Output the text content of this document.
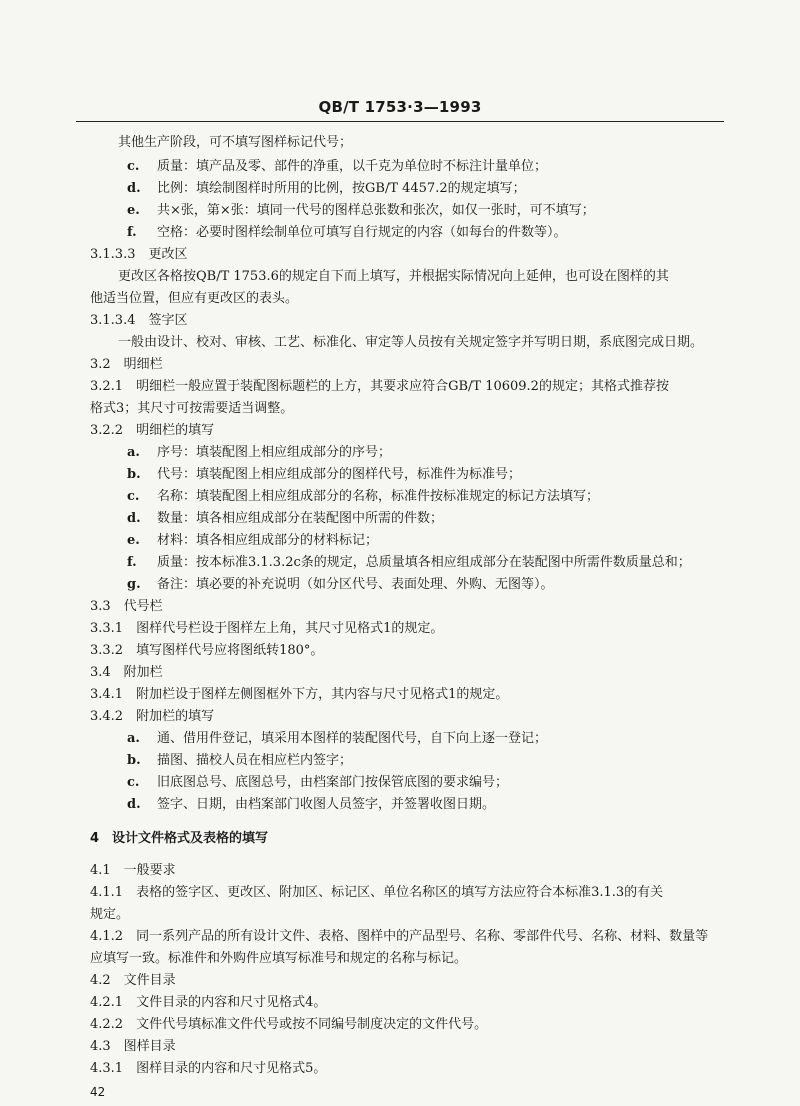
QB/T 1753·3—1993
其他生产阶段，可不填写图样标记代号；
c. 质量：填产品及零、部件的净重，以千克为单位时不标注计量单位；
d. 比例：填绘制图样时所用的比例，按GB/T 4457.2的规定填写；
e. 共×张，第×张：填同一代号的图样总张数和张次，如仅一张时，可不填写；
f. 空格：必要时图样绘制单位可填写自行规定的内容（如每台的件数等）。
3.1.3.3　更改区
更改区各格按QB/T 1753.6的规定自下而上填写，并根据实际情况向上延伸，也可设在图样的其
他适当位置，但应有更改区的表头。
3.1.3.4　签字区
一般由设计、校对、审核、工艺、标准化、审定等人员按有关规定签字并写明日期，系底图完成日期。
3.2　明细栏
3.2.1　明细栏一般应置于装配图标题栏的上方，其要求应符合GB/T 10609.2的规定；其格式推荐按
格式3；其尺寸可按需要适当调整。
3.2.2　明细栏的填写
a. 序号：填装配图上相应组成部分的序号；
b. 代号：填装配图上相应组成部分的图样代号，标准件为标准号；
c. 名称：填装配图上相应组成部分的名称，标准件按标准规定的标记方法填写；
d. 数量：填各相应组成部分在装配图中所需的件数；
e. 材料：填各相应组成部分的材料标记；
f. 质量：按本标准3.1.3.2c条的规定，总质量填各相应组成部分在装配图中所需件数质量总和；
g. 备注：填必要的补充说明（如分区代号、表面处理、外购、无图等）。
3.3　代号栏
3.3.1　图样代号栏设于图样左上角，其尺寸见格式1的规定。
3.3.2　填写图样代号应将图纸转180°。
3.4　附加栏
3.4.1　附加栏设于图样左侧图框外下方，其内容与尺寸见格式1的规定。
3.4.2　附加栏的填写
a. 通、借用件登记，填采用本图样的装配图代号，自下向上逐一登记；
b. 描图、描校人员在相应栏内签字；
c. 旧底图总号、底图总号，由档案部门按保管底图的要求编号；
d. 签字、日期，由档案部门收图人员签字，并签署收图日期。
4　设计文件格式及表格的填写
4.1　一般要求
4.1.1　表格的签字区、更改区、附加区、标记区、单位名称区的填写方法应符合本标准3.1.3的有关
规定。
4.1.2　同一系列产品的所有设计文件、表格、图样中的产品型号、名称、零部件代号、名称、材料、数量等
应填写一致。标准件和外购件应填写标准号和规定的名称与标记。
4.2　文件目录
4.2.1　文件目录的内容和尺寸见格式4。
4.2.2　文件代号填标准文件代号或按不同编号制度决定的文件代号。
4.3　图样目录
4.3.1　图样目录的内容和尺寸见格式5。
42
